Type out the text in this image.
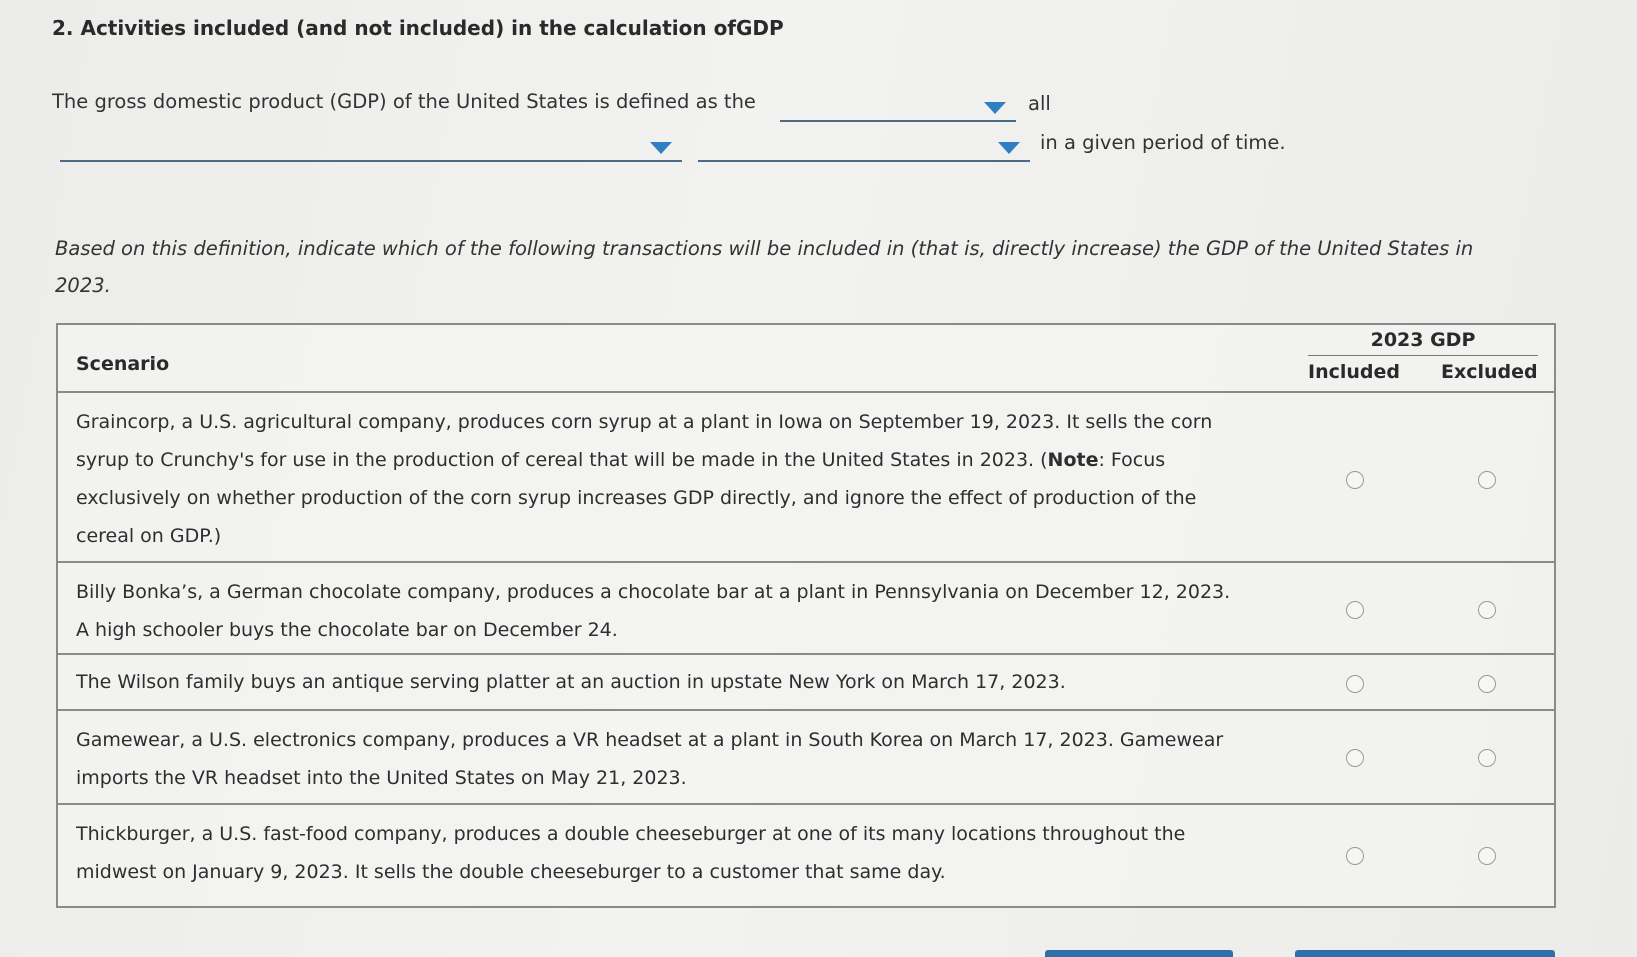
2. Activities included (and not included) in the calculation ofGDP
The gross domestic product (GDP) of the United States is defined as the	all
in a given period of time.
Based on this definition, indicate which of the following transactions will be included in (that is, directly increase) the GDP of the United States in 2023.
Scenario
2023 GDP
Included Excluded
Graincorp, a U.S. agricultural company, produces corn syrup at a plant in Iowa on September 19, 2023. It sells the corn syrup to Crunchy's for use in the production of cereal that will be made in the United States in 2023. (Note: Focus exclusively on whether production of the corn syrup increases GDP directly, and ignore the effect of production of the cereal on GDP.)
Billy Bonka’s, a German chocolate company, produces a chocolate bar at a plant in Pennsylvania on December 12, 2023. A high schooler buys the chocolate bar on December 24.
The Wilson family buys an antique serving platter at an auction in upstate New York on March 17, 2023.
Gamewear, a U.S. electronics company, produces a VR headset at a plant in South Korea on March 17, 2023. Gamewear imports the VR headset into the United States on May 21, 2023.
Thickburger, a U.S. fast-food company, produces a double cheeseburger at one of its many locations throughout the midwest on January 9, 2023. It sells the double cheeseburger to a customer that same day.
